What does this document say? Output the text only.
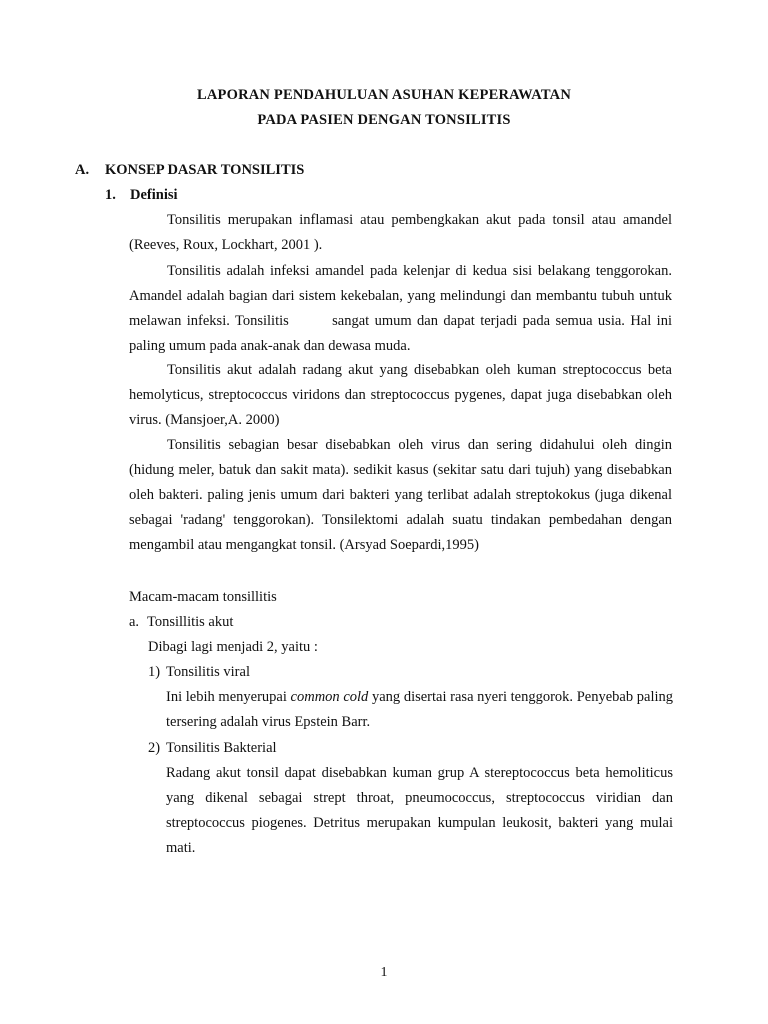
LAPORAN PENDAHULUAN ASUHAN KEPERAWATAN
PADA PASIEN DENGAN TONSILITIS
A. KONSEP DASAR TONSILITIS
1. Definisi

Tonsilitis merupakan inflamasi atau pembengkakan akut pada tonsil atau amandel (Reeves, Roux, Lockhart, 2001 ).

Tonsilitis adalah infeksi amandel pada kelenjar di kedua sisi belakang tenggorokan. Amandel adalah bagian dari sistem kekebalan, yang melindungi dan membantu tubuh untuk melawan infeksi. Tonsilitis        sangat umum dan dapat terjadi pada semua usia. Hal ini paling umum pada anak-anak dan dewasa muda.

Tonsilitis akut adalah radang akut yang disebabkan oleh kuman streptococcus beta hemolyticus, streptococcus viridons dan streptococcus pygenes, dapat juga disebabkan oleh virus. (Mansjoer,A. 2000)

Tonsilitis sebagian besar disebabkan oleh virus dan sering didahului oleh dingin (hidung meler, batuk dan sakit mata). sedikit kasus (sekitar satu dari tujuh) yang disebabkan oleh bakteri. paling jenis umum dari bakteri yang terlibat adalah streptokokus (juga dikenal sebagai 'radang' tenggorokan). Tonsilektomi adalah suatu tindakan pembedahan dengan mengambil atau mengangkat tonsil. (Arsyad Soepardi,1995)

Macam-macam tonsillitis
a. Tonsillitis akut
Dibagi lagi menjadi 2, yaitu :
1) Tonsilitis viral

Ini lebih menyerupai common cold yang disertai rasa nyeri tenggorok. Penyebab paling tersering adalah virus Epstein Barr.

2) Tonsilitis Bakterial

Radang akut tonsil dapat disebabkan kuman grup A stereptococcus beta hemoliticus yang dikenal sebagai strept throat, pneumococcus, streptococcus viridian dan streptococcus piogenes. Detritus merupakan kumpulan leukosit, bakteri yang mulai mati.

1
